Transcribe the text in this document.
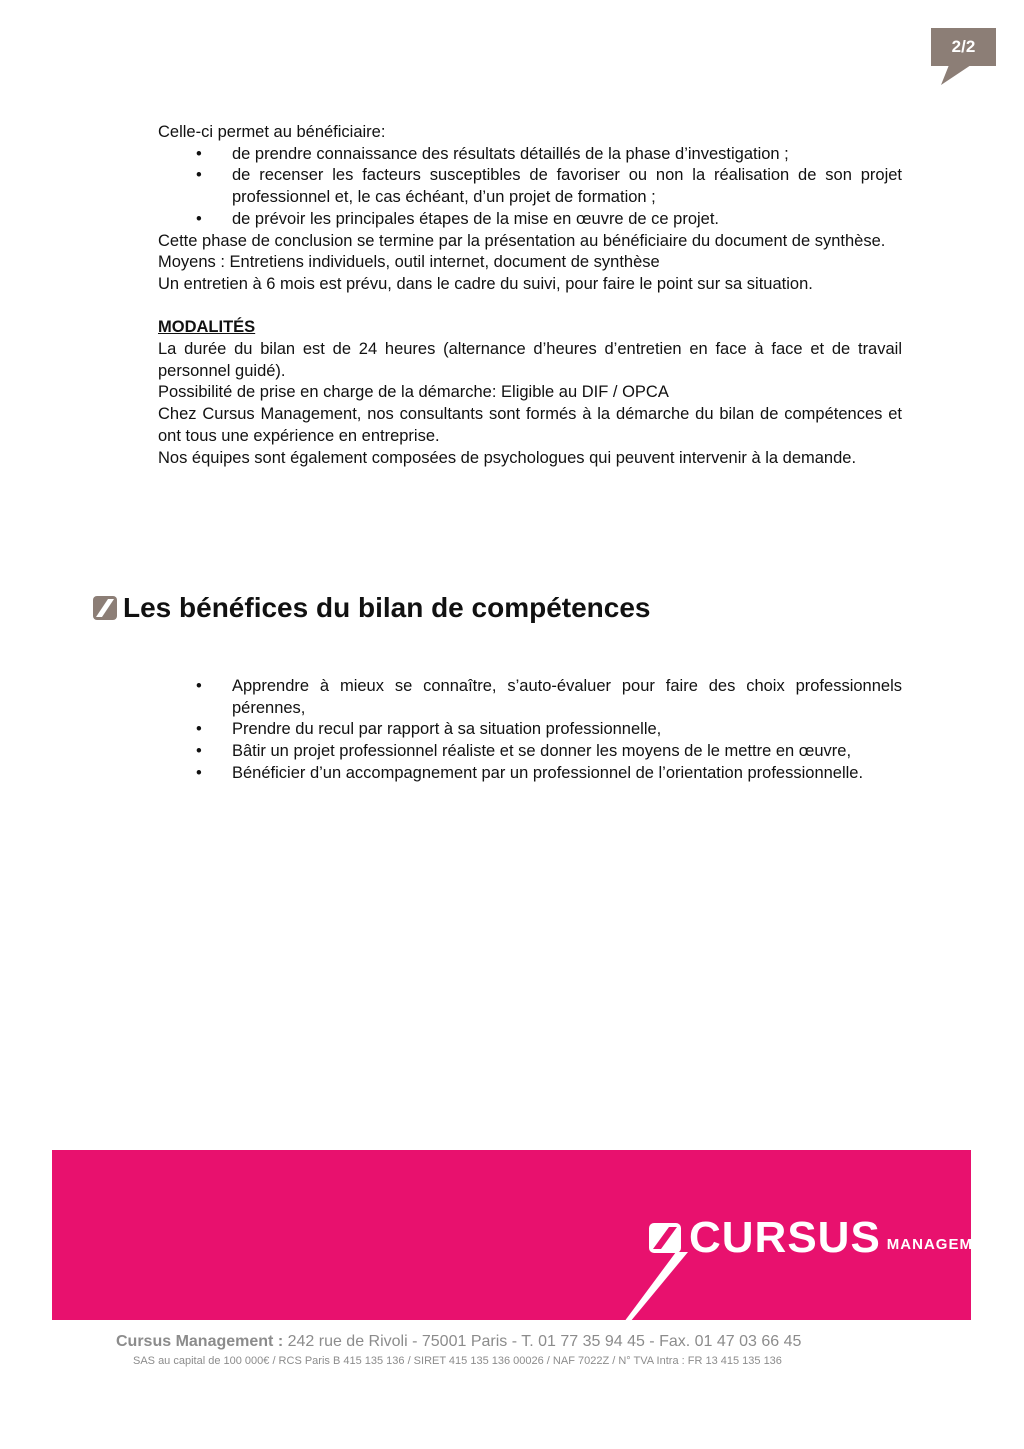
2/2

Celle-ci permet au bénéficiaire:

• de prendre connaissance des résultats détaillés de la phase d’investigation ;
• de recenser les facteurs susceptibles de favoriser ou non la réalisation de son projet professionnel et, le cas échéant, d’un projet de formation ;
• de prévoir les principales étapes de la mise en œuvre de ce projet.

Cette phase de conclusion se termine par la présentation au bénéficiaire du document de synthèse.

Moyens : Entretiens individuels, outil internet, document de synthèse

Un entretien à 6 mois est prévu, dans le cadre du suivi, pour faire le point sur sa situation.

MODALITÉS

La durée du bilan est de 24 heures (alternance d’heures d’entretien en face à face et de travail personnel guidé).

Possibilité de prise en charge de la démarche: Eligible au DIF / OPCA

Chez Cursus Management, nos consultants sont formés à la démarche du bilan de compétences et ont tous une expérience en entreprise.

Nos équipes sont également composées de psychologues qui peuvent intervenir à la demande.

Les bénéfices du bilan de compétences
• Apprendre à mieux se connaître, s’auto-évaluer pour faire des choix professionnels pérennes,
• Prendre du recul par rapport à sa situation professionnelle,
• Bâtir un projet professionnel réaliste et se donner les moyens de le mettre en œuvre,
• Bénéficier d’un accompagnement par un professionnel de l’orientation professionnelle.
CURSUS MANAGEMENT
Cursus Management : 242 rue de Rivoli - 75001 Paris - T. 01 77 35 94 45 - Fax. 01 47 03 66 45
SAS au capital de 100 000€ / RCS Paris B 415 135 136 / SIRET 415 135 136 00026 / NAF 7022Z / N° TVA Intra : FR 13 415 135 136
